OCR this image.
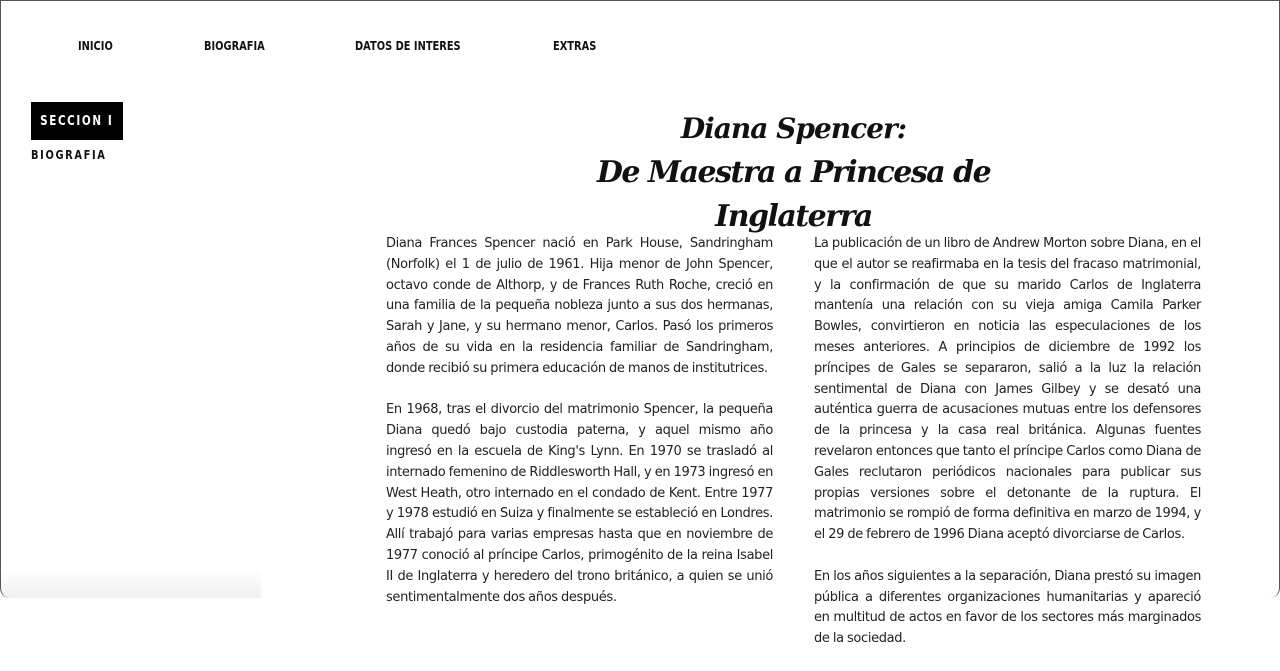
INICIO	BIOGRAFIA	DATOS DE INTERES	EXTRAS
SECCION I
BIOGRAFIA
Diana Spencer:
De Maestra a Princesa de Inglaterra

Diana Frances Spencer nació en Park House, Sandringham (Norfolk) el 1 de julio de 1961. Hija menor de John Spencer, octavo conde de Althorp, y de Frances Ruth Roche, creció en una familia de la pequeña nobleza junto a sus dos hermanas, Sarah y Jane, y su hermano menor, Carlos. Pasó los primeros años de su vida en la residencia familiar de Sandringham, donde recibió su primera educación de manos de institutrices.

En 1968, tras el divorcio del matrimonio Spencer, la pequeña Diana quedó bajo custodia paterna, y aquel mismo año ingresó en la escuela de King's Lynn. En 1970 se trasladó al internado femenino de Riddlesworth Hall, y en 1973 ingresó en West Heath, otro internado en el condado de Kent. Entre 1977 y 1978 estudió en Suiza y finalmente se estableció en Londres. Allí trabajó para varias empresas hasta que en noviembre de 1977 conoció al príncipe Carlos, primogénito de la reina Isabel II de Inglaterra y heredero del trono británico, a quien se unió sentimentalmente dos años después.

La publicación de un libro de Andrew Morton sobre Diana, en el que el autor se reafirmaba en la tesis del fracaso matrimonial, y la confirmación de que su marido Carlos de Inglaterra mantenía una relación con su vieja amiga Camila Parker Bowles, convirtieron en noticia las especulaciones de los meses anteriores. A principios de diciembre de 1992 los príncipes de Gales se separaron, salió a la luz la relación sentimental de Diana con James Gilbey y se desató una auténtica guerra de acusaciones mutuas entre los defensores de la princesa y la casa real británica. Algunas fuentes revelaron entonces que tanto el príncipe Carlos como Diana de Gales reclutaron periódicos nacionales para publicar sus propias versiones sobre el detonante de la ruptura. El matrimonio se rompió de forma definitiva en marzo de 1994, y el 29 de febrero de 1996 Diana aceptó divorciarse de Carlos.

En los años siguientes a la separación, Diana prestó su imagen pública a diferentes organizaciones humanitarias y apareció en multitud de actos en favor de los sectores más marginados de la sociedad.
